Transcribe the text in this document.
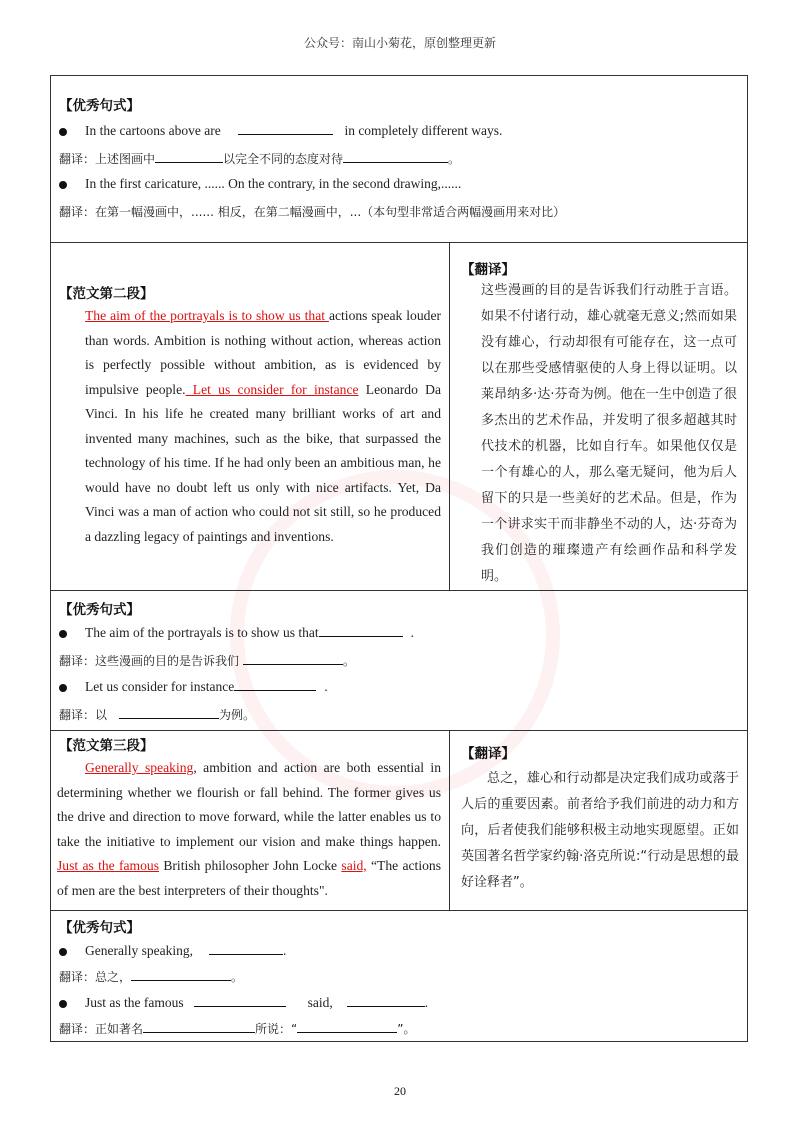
公众号：南山小菊花，原创整理更新
【优秀句式】
In the cartoons above are	in completely different ways.
翻译：上述图画中	以完全不同的态度对待	。
In the first caricature, ...... On the contrary, in the second drawing,......
翻译：在第一幅漫画中，...... 相反，在第二幅漫画中，...（本句型非常适合两幅漫画用来对比）
【范文第二段】
The aim of the portrayals is to show us that actions speak louder than words. Ambition is nothing without action, whereas action is perfectly possible without ambition, as is evidenced by impulsive people. Let us consider for instance Leonardo Da Vinci. In his life he created many brilliant works of art and invented many machines, such as the bike, that surpassed the technology of his time. If he had only been an ambitious man, he would have no doubt left us only with nice artifacts. Yet, Da Vinci was a man of action who could not sit still, so he produced a dazzling legacy of paintings and inventions.
【翻译】
这些漫画的目的是告诉我们行动胜于言语。如果不付诸行动，雄心就毫无意义;然而如果没有雄心，行动却很有可能存在，这一点可以在那些受感情驱使的人身上得以证明。以莱昂纳多·达·芬奇为例。他在一生中创造了很多杰出的艺术作品，并发明了很多超越其时代技术的机器，比如自行车。如果他仅仅是一个有雄心的人，那么毫无疑问，他为后人留下的只是一些美好的艺术品。但是，作为一个讲求实干而非静坐不动的人，达·芬奇为我们创造的璀璨遗产有绘画作品和科学发明。
【优秀句式】
The aim of the portrayals is to show us that	.
翻译：这些漫画的目的是告诉我们	。
Let us consider for instance	.
翻译：以	为例。
【范文第三段】
Generally speaking, ambition and action are both essential in determining whether we flourish or fall behind. The former gives us the drive and direction to move forward, while the latter enables us to take the initiative to implement our vision and make things happen. Just as the famous British philosopher John Locke said, “The actions of men are the best interpreters of their thoughts".
【翻译】
总之，雄心和行动都是决定我们成功或落于人后的重要因素。前者给予我们前进的动力和方向，后者使我们能够积极主动地实现愿望。正如英国著名哲学家约翰·洛克所说:“行动是思想的最好诠释者”。
【优秀句式】
Generally speaking,	.
翻译：总之，	。
Just as the famous	said,	.
翻译：正如著名	所说：“	”。
20
